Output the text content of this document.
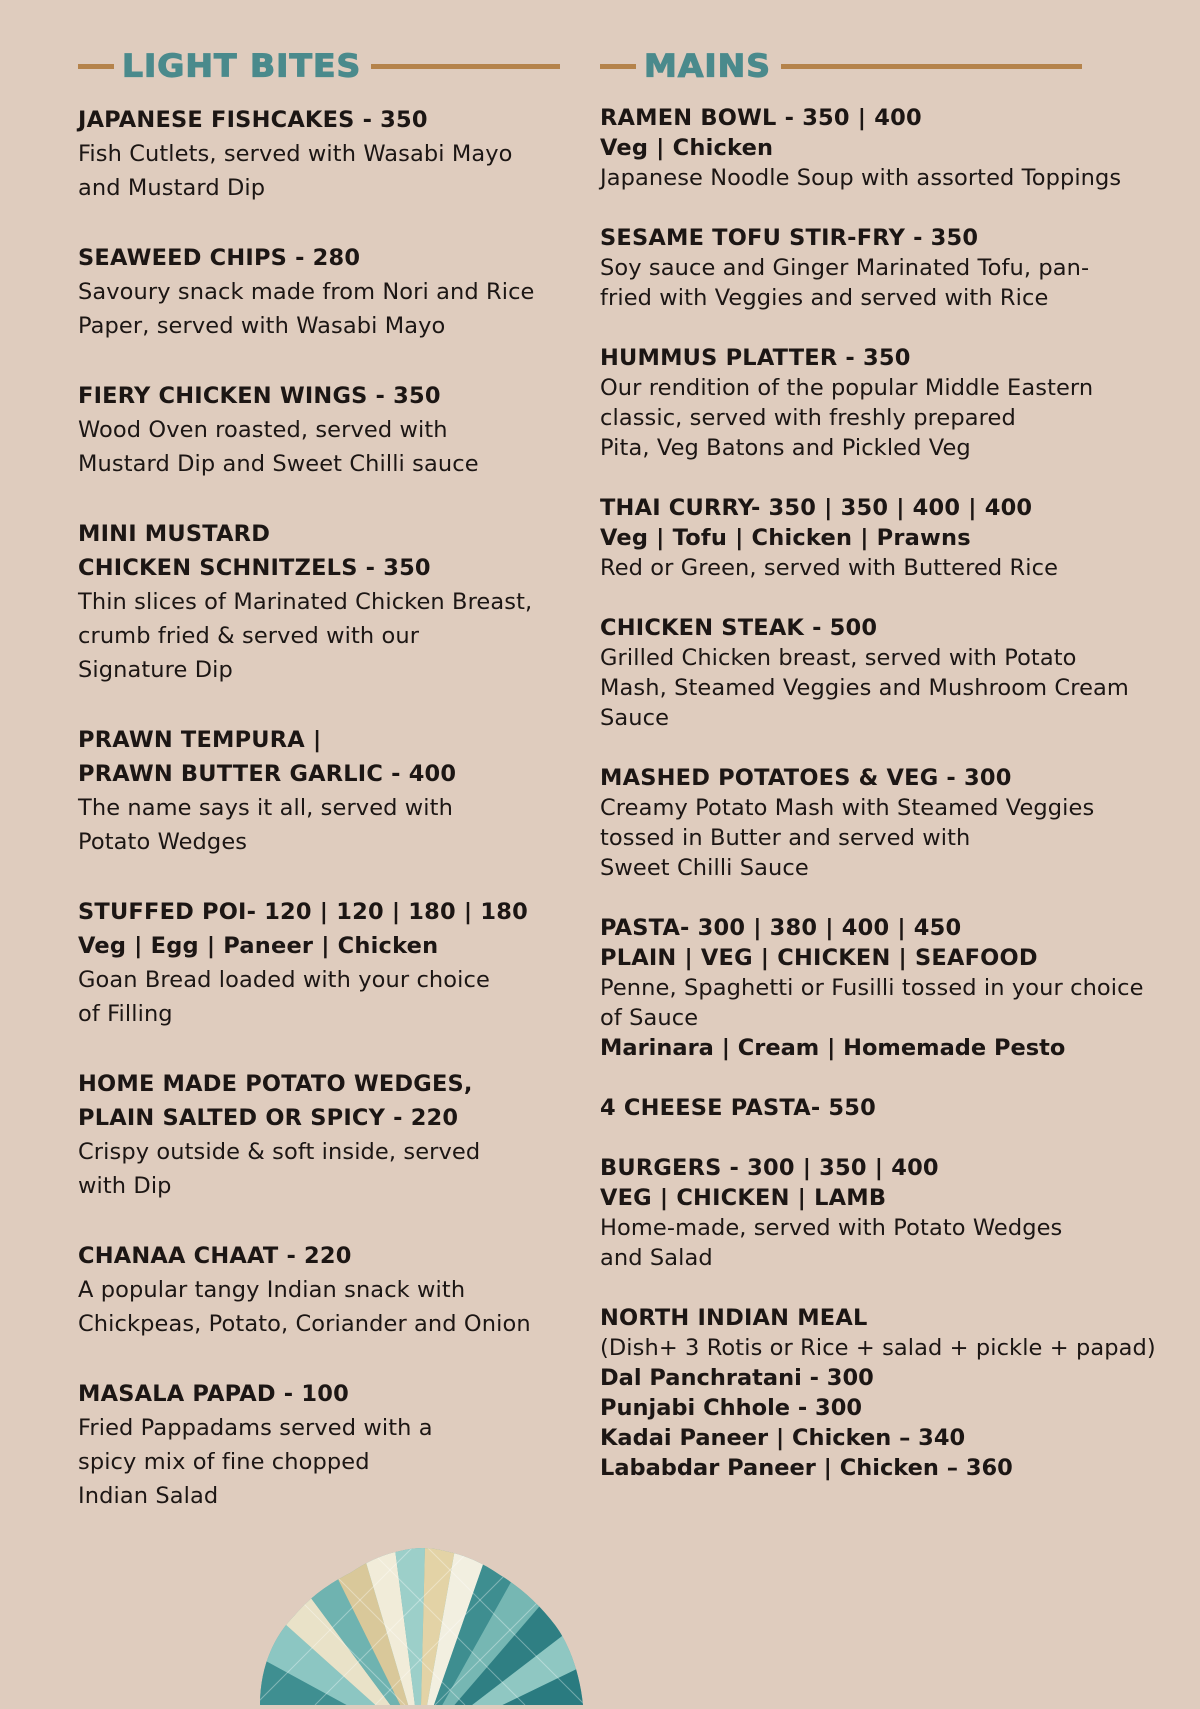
LIGHT BITES
JAPANESE FISHCAKES - 350
Fish Cutlets, served with Wasabi Mayo
and Mustard Dip
SEAWEED CHIPS - 280
Savoury snack made from Nori and Rice
Paper, served with Wasabi Mayo
FIERY CHICKEN WINGS - 350
Wood Oven roasted, served with
Mustard Dip and Sweet Chilli sauce
MINI MUSTARD
CHICKEN SCHNITZELS - 350
Thin slices of Marinated Chicken Breast,
crumb fried & served with our
Signature Dip
PRAWN TEMPURA |
PRAWN BUTTER GARLIC - 400
The name says it all, served with
Potato Wedges
STUFFED POI- 120 | 120 | 180 | 180
Veg | Egg | Paneer | Chicken
Goan Bread loaded with your choice
of Filling
HOME MADE POTATO WEDGES,
PLAIN SALTED OR SPICY - 220
Crispy outside & soft inside, served
with Dip
CHANAA CHAAT - 220
A popular tangy Indian snack with
Chickpeas, Potato, Coriander and Onion
MASALA PAPAD - 100
Fried Pappadams served with a
spicy mix of fine chopped
Indian Salad
MAINS
RAMEN BOWL - 350 | 400
Veg | Chicken
Japanese Noodle Soup with assorted Toppings
SESAME TOFU STIR-FRY - 350
Soy sauce and Ginger Marinated Tofu, pan-
fried with Veggies and served with Rice
HUMMUS PLATTER - 350
Our rendition of the popular Middle Eastern
classic, served with freshly prepared
Pita, Veg Batons and Pickled Veg
THAI CURRY- 350 | 350 | 400 | 400
Veg | Tofu | Chicken | Prawns
Red or Green, served with Buttered Rice
CHICKEN STEAK - 500
Grilled Chicken breast, served with Potato
Mash, Steamed Veggies and Mushroom Cream
Sauce
MASHED POTATOES & VEG - 300
Creamy Potato Mash with Steamed Veggies
tossed in Butter and served with
Sweet Chilli Sauce
PASTA- 300 | 380 | 400 | 450
PLAIN | VEG | CHICKEN | SEAFOOD
Penne, Spaghetti or Fusilli tossed in your choice
of Sauce
Marinara | Cream | Homemade Pesto
4 CHEESE PASTA- 550
BURGERS - 300 | 350 | 400
VEG | CHICKEN | LAMB
Home-made, served with Potato Wedges
and Salad
NORTH INDIAN MEAL
(Dish+ 3 Rotis or Rice + salad + pickle + papad)
Dal Panchratani - 300
Punjabi Chhole - 300
Kadai Paneer | Chicken – 340
Lababdar Paneer | Chicken – 360
